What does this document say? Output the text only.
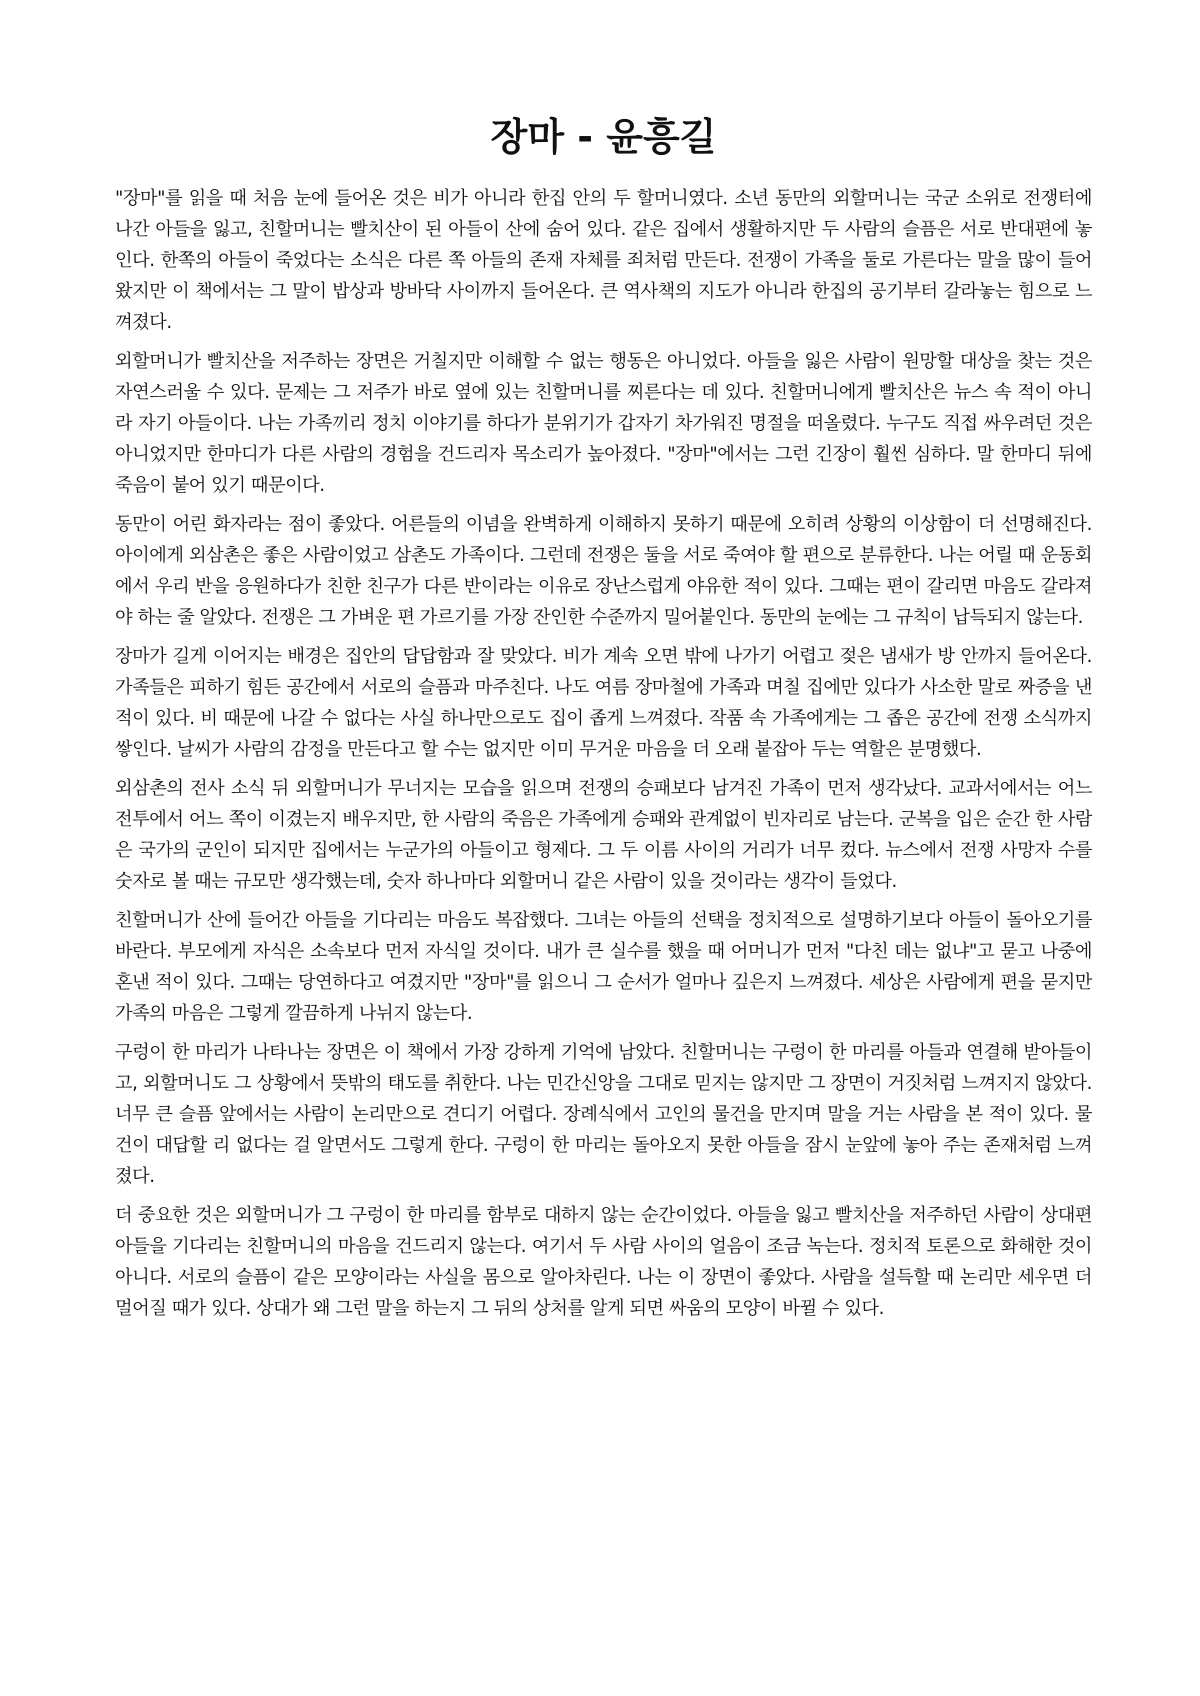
장마 - 윤흥길

"장마"를 읽을 때 처음 눈에 들어온 것은 비가 아니라 한집 안의 두 할머니였다. 소년 동만의 외할머니는 국군 소위로 전쟁터에 나간 아들을 잃고, 친할머니는 빨치산이 된 아들이 산에 숨어 있다. 같은 집에서 생활하지만 두 사람의 슬픔은 서로 반대편에 놓인다. 한쪽의 아들이 죽었다는 소식은 다른 쪽 아들의 존재 자체를 죄처럼 만든다. 전쟁이 가족을 둘로 가른다는 말을 많이 들어 왔지만 이 책에서는 그 말이 밥상과 방바닥 사이까지 들어온다. 큰 역사책의 지도가 아니라 한집의 공기부터 갈라놓는 힘으로 느껴졌다.

외할머니가 빨치산을 저주하는 장면은 거칠지만 이해할 수 없는 행동은 아니었다. 아들을 잃은 사람이 원망할 대상을 찾는 것은 자연스러울 수 있다. 문제는 그 저주가 바로 옆에 있는 친할머니를 찌른다는 데 있다. 친할머니에게 빨치산은 뉴스 속 적이 아니라 자기 아들이다. 나는 가족끼리 정치 이야기를 하다가 분위기가 갑자기 차가워진 명절을 떠올렸다. 누구도 직접 싸우려던 것은 아니었지만 한마디가 다른 사람의 경험을 건드리자 목소리가 높아졌다. "장마"에서는 그런 긴장이 훨씬 심하다. 말 한마디 뒤에 죽음이 붙어 있기 때문이다.

동만이 어린 화자라는 점이 좋았다. 어른들의 이념을 완벽하게 이해하지 못하기 때문에 오히려 상황의 이상함이 더 선명해진다. 아이에게 외삼촌은 좋은 사람이었고 삼촌도 가족이다. 그런데 전쟁은 둘을 서로 죽여야 할 편으로 분류한다. 나는 어릴 때 운동회에서 우리 반을 응원하다가 친한 친구가 다른 반이라는 이유로 장난스럽게 야유한 적이 있다. 그때는 편이 갈리면 마음도 갈라져야 하는 줄 알았다. 전쟁은 그 가벼운 편 가르기를 가장 잔인한 수준까지 밀어붙인다. 동만의 눈에는 그 규칙이 납득되지 않는다.

장마가 길게 이어지는 배경은 집안의 답답함과 잘 맞았다. 비가 계속 오면 밖에 나가기 어렵고 젖은 냄새가 방 안까지 들어온다. 가족들은 피하기 힘든 공간에서 서로의 슬픔과 마주친다. 나도 여름 장마철에 가족과 며칠 집에만 있다가 사소한 말로 짜증을 낸 적이 있다. 비 때문에 나갈 수 없다는 사실 하나만으로도 집이 좁게 느껴졌다. 작품 속 가족에게는 그 좁은 공간에 전쟁 소식까지 쌓인다. 날씨가 사람의 감정을 만든다고 할 수는 없지만 이미 무거운 마음을 더 오래 붙잡아 두는 역할은 분명했다.

외삼촌의 전사 소식 뒤 외할머니가 무너지는 모습을 읽으며 전쟁의 승패보다 남겨진 가족이 먼저 생각났다. 교과서에서는 어느 전투에서 어느 쪽이 이겼는지 배우지만, 한 사람의 죽음은 가족에게 승패와 관계없이 빈자리로 남는다. 군복을 입은 순간 한 사람은 국가의 군인이 되지만 집에서는 누군가의 아들이고 형제다. 그 두 이름 사이의 거리가 너무 컸다. 뉴스에서 전쟁 사망자 수를 숫자로 볼 때는 규모만 생각했는데, 숫자 하나마다 외할머니 같은 사람이 있을 것이라는 생각이 들었다.

친할머니가 산에 들어간 아들을 기다리는 마음도 복잡했다. 그녀는 아들의 선택을 정치적으로 설명하기보다 아들이 돌아오기를 바란다. 부모에게 자식은 소속보다 먼저 자식일 것이다. 내가 큰 실수를 했을 때 어머니가 먼저 "다친 데는 없냐"고 묻고 나중에 혼낸 적이 있다. 그때는 당연하다고 여겼지만 "장마"를 읽으니 그 순서가 얼마나 깊은지 느껴졌다. 세상은 사람에게 편을 묻지만 가족의 마음은 그렇게 깔끔하게 나뉘지 않는다.

구렁이 한 마리가 나타나는 장면은 이 책에서 가장 강하게 기억에 남았다. 친할머니는 구렁이 한 마리를 아들과 연결해 받아들이고, 외할머니도 그 상황에서 뜻밖의 태도를 취한다. 나는 민간신앙을 그대로 믿지는 않지만 그 장면이 거짓처럼 느껴지지 않았다. 너무 큰 슬픔 앞에서는 사람이 논리만으로 견디기 어렵다. 장례식에서 고인의 물건을 만지며 말을 거는 사람을 본 적이 있다. 물건이 대답할 리 없다는 걸 알면서도 그렇게 한다. 구렁이 한 마리는 돌아오지 못한 아들을 잠시 눈앞에 놓아 주는 존재처럼 느껴졌다.

더 중요한 것은 외할머니가 그 구렁이 한 마리를 함부로 대하지 않는 순간이었다. 아들을 잃고 빨치산을 저주하던 사람이 상대편 아들을 기다리는 친할머니의 마음을 건드리지 않는다. 여기서 두 사람 사이의 얼음이 조금 녹는다. 정치적 토론으로 화해한 것이 아니다. 서로의 슬픔이 같은 모양이라는 사실을 몸으로 알아차린다. 나는 이 장면이 좋았다. 사람을 설득할 때 논리만 세우면 더 멀어질 때가 있다. 상대가 왜 그런 말을 하는지 그 뒤의 상처를 알게 되면 싸움의 모양이 바뀔 수 있다.
